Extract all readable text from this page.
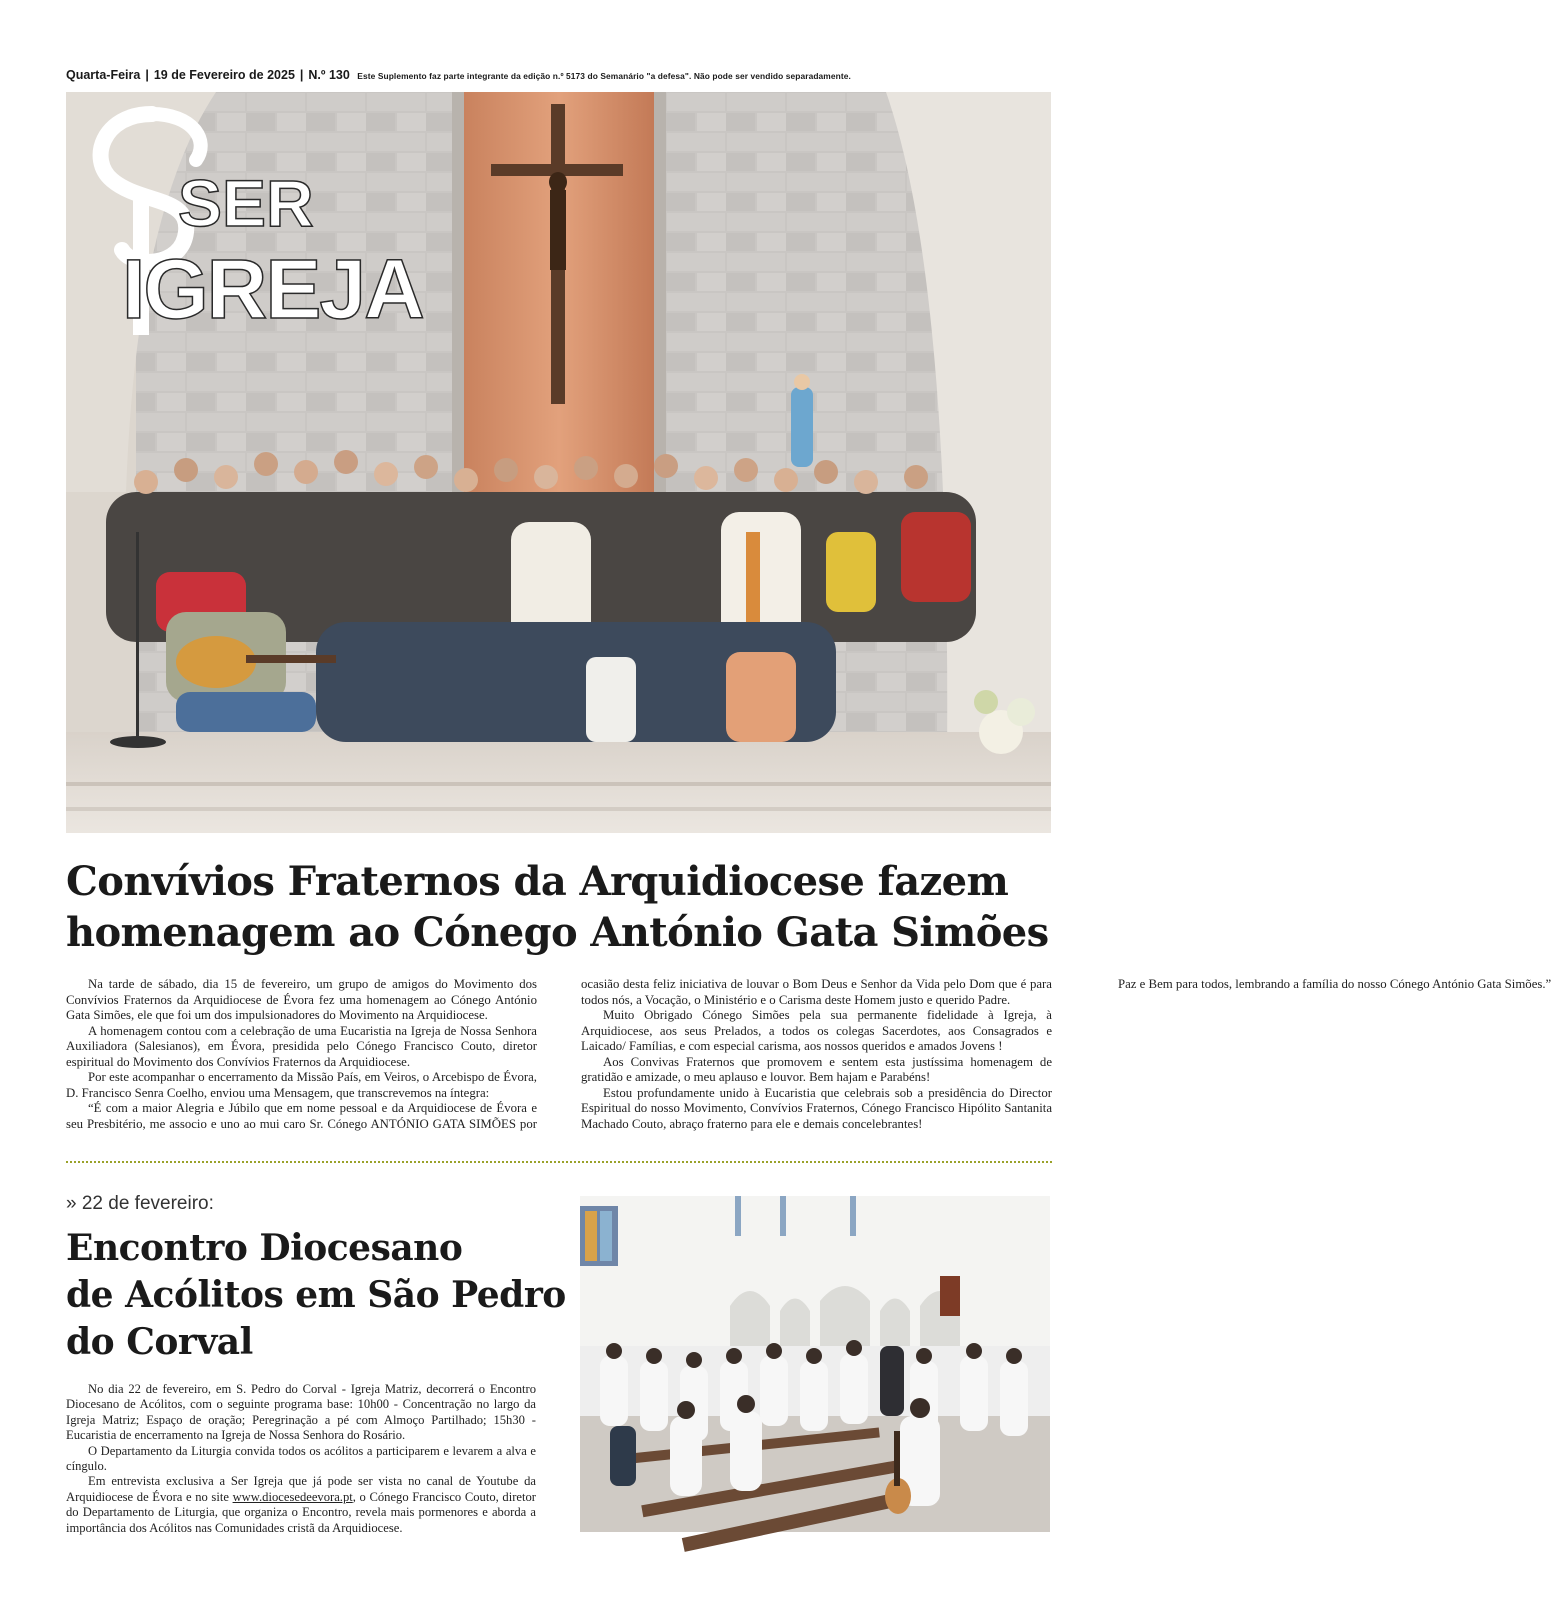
Quarta-Feira | 19 de Fevereiro de 2025 | N.º 130 Este Suplemento faz parte integrante da edição n.º 5173 do Semanário "a defesa". Não pode ser vendido separadamente.
SER
IGREJA
Convívios Fraternos da Arquidiocese fazem
homenagem ao Cónego António Gata Simões

Na tarde de sábado, dia 15 de fevereiro, um grupo de amigos do Movimento dos Convívios Fraternos da Arquidiocese de Évora fez uma homenagem ao Cónego António Gata Simões, ele que foi um dos impulsionadores do Movimento na Arquidiocese.

A homenagem contou com a celebração de uma Eucaristia na Igreja de Nossa Senhora Auxiliadora (Salesianos), em Évora, presidida pelo Cónego Francisco Couto, diretor espiritual do Movimento dos Convívios Fraternos da Arquidiocese.

Por este acompanhar o encerramento da Missão País, em Veiros, o Arcebispo de Évora, D. Francisco Senra Coelho, enviou uma Mensagem, que transcrevemos na íntegra:

“É com a maior Alegria e Júbilo que em nome pessoal e da Arquidiocese de Évora e seu Presbitério, me associo e uno ao mui caro Sr. Cónego ANTÓNIO GATA SIMÕES por ocasião desta feliz iniciativa de louvar o Bom Deus e Senhor da Vida pelo Dom que é para todos nós, a Vocação, o Ministério e o Carisma deste Homem justo e querido Padre.

Muito Obrigado Cónego Simões pela sua permanente fidelidade à Igreja, à Arquidiocese, aos seus Prelados, a todos os colegas Sacerdotes, aos Consagrados e Laicado/ Famílias, e com especial carisma, aos nossos queridos e amados Jovens !

Aos Convivas Fraternos que promovem e sentem esta justíssima homenagem de gratidão e amizade, o meu aplauso e louvor. Bem hajam e Parabéns!

Estou profundamente unido à Eucaristia que celebrais sob a presidência do Director Espiritual do nosso Movimento, Convívios Fraternos, Cónego Francisco Hipólito Santanita Machado Couto, abraço fraterno para ele e demais concelebrantes!

Paz e Bem para todos, lembrando a família do nosso Cónego António Gata Simões.”

» 22 de fevereiro:
Encontro Diocesano
de Acólitos em São Pedro
do Corval

No dia 22 de fevereiro, em S. Pedro do Corval - Igreja Matriz, decorrerá o Encontro Diocesano de Acólitos, com o seguinte programa base: 10h00 - Concentração no largo da Igreja Matriz; Espaço de oração; Peregrinação a pé com Almoço Partilhado; 15h30 - Eucaristia de encerramento na Igreja de Nossa Senhora do Rosário.

O Departamento da Liturgia convida todos os acólitos a participarem e levarem a alva e cíngulo.

Em entrevista exclusiva a Ser Igreja que já pode ser vista no canal de Youtube da Arquidiocese de Évora e no site www.diocesedeevora.pt, o Cónego Francisco Couto, diretor do Departamento de Liturgia, que organiza o Encontro, revela mais pormenores e aborda a importância dos Acólitos nas Comunidades cristã da Arquidiocese.
